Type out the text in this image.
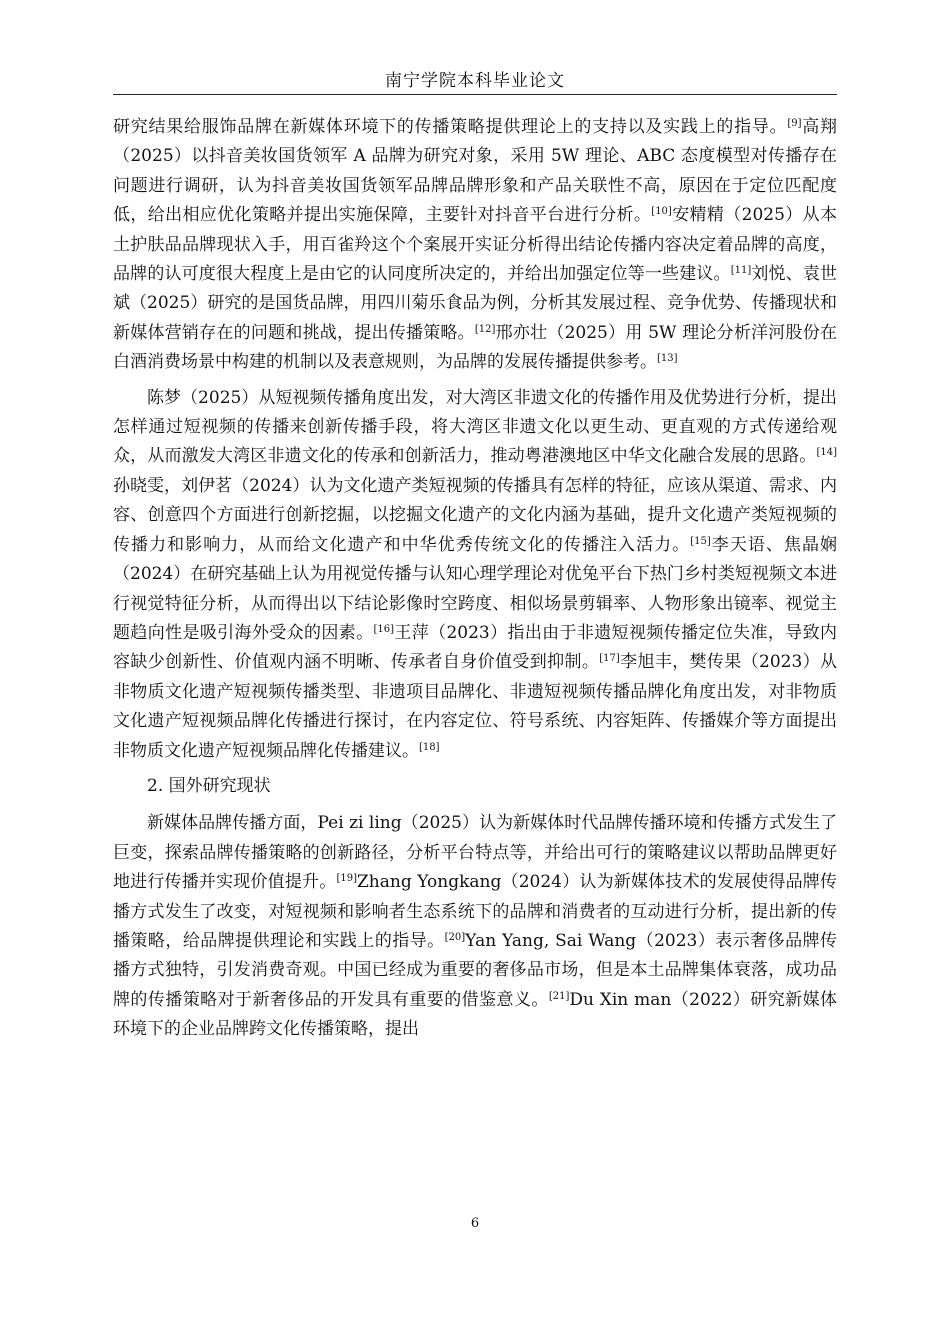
南宁学院本科毕业论文

研究结果给服饰品牌在新媒体环境下的传播策略提供理论上的支持以及实践上的指导。[9]高翔（2025）以抖音美妆国货领军 A 品牌为研究对象，采用 5W 理论、ABC 态度模型对传播存在问题进行调研，认为抖音美妆国货领军品牌品牌形象和产品关联性不高，原因在于定位匹配度低，给出相应优化策略并提出实施保障，主要针对抖音平台进行分析。[10]安精精（2025）从本土护肤品品牌现状入手，用百雀羚这个个案展开实证分析得出结论传播内容决定着品牌的高度，品牌的认可度很大程度上是由它的认同度所决定的，并给出加强定位等一些建议。[11]刘悦、袁世斌（2025）研究的是国货品牌，用四川菊乐食品为例，分析其发展过程、竞争优势、传播现状和新媒体营销存在的问题和挑战，提出传播策略。[12]邢亦壮（2025）用 5W 理论分析洋河股份在白酒消费场景中构建的机制以及表意规则，为品牌的发展传播提供参考。[13]

陈梦（2025）从短视频传播角度出发，对大湾区非遗文化的传播作用及优势进行分析，提出怎样通过短视频的传播来创新传播手段，将大湾区非遗文化以更生动、更直观的方式传递给观众，从而激发大湾区非遗文化的传承和创新活力，推动粤港澳地区中华文化融合发展的思路。[14]孙晓雯，刘伊茗（2024）认为文化遗产类短视频的传播具有怎样的特征，应该从渠道、需求、内容、创意四个方面进行创新挖掘，以挖掘文化遗产的文化内涵为基础，提升文化遗产类短视频的传播力和影响力，从而给文化遗产和中华优秀传统文化的传播注入活力。[15]李天语、焦晶娴（2024）在研究基础上认为用视觉传播与认知心理学理论对优兔平台下热门乡村类短视频文本进行视觉特征分析，从而得出以下结论影像时空跨度、相似场景剪辑率、人物形象出镜率、视觉主题趋向性是吸引海外受众的因素。[16]王萍（2023）指出由于非遗短视频传播定位失准，导致内容缺少创新性、价值观内涵不明晰、传承者自身价值受到抑制。[17]李旭丰，樊传果（2023）从非物质文化遗产短视频传播类型、非遗项目品牌化、非遗短视频传播品牌化角度出发，对非物质文化遗产短视频品牌化传播进行探讨，在内容定位、符号系统、内容矩阵、传播媒介等方面提出非物质文化遗产短视频品牌化传播建议。[18]

2. 国外研究现状

新媒体品牌传播方面，Pei zi ling（2025）认为新媒体时代品牌传播环境和传播方式发生了巨变，探索品牌传播策略的创新路径，分析平台特点等，并给出可行的策略建议以帮助品牌更好地进行传播并实现价值提升。[19]Zhang Yongkang（2024）认为新媒体技术的发展使得品牌传播方式发生了改变，对短视频和影响者生态系统下的品牌和消费者的互动进行分析，提出新的传播策略，给品牌提供理论和实践上的指导。[20]Yan Yang, Sai Wang（2023）表示奢侈品牌传播方式独特，引发消费奇观。中国已经成为重要的奢侈品市场，但是本土品牌集体衰落，成功品牌的传播策略对于新奢侈品的开发具有重要的借鉴意义。[21]Du Xin man（2022）研究新媒体环境下的企业品牌跨文化传播策略，提出

6
